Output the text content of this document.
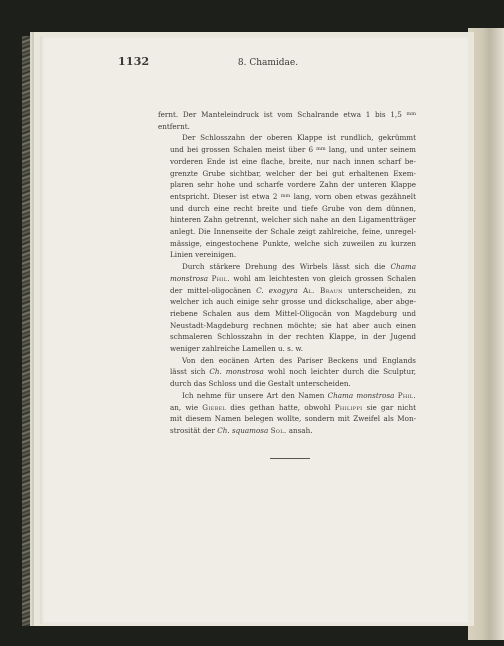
1132	8. Chamidae.

fernt. Der Manteleindruck ist vom Schalrande etwa 1 bis 1,5 $^{mm}$
entfernt.

Der Schlosszahn der oberen Klappe ist rundlich, gekrümmt
und bei grossen Schalen meist über 6 $^{mm}$ lang, und unter seinem
vorderen Ende ist eine flache, breite, nur nach innen scharf be-
grenzte Grube sichtbar, welcher der bei gut erhaltenen Exem-
plaren sehr hohe und scharfe vordere Zahn der unteren Klappe
entspricht. Dieser ist etwa 2 $^{mm}$ lang, vorn oben etwas gezähnelt
und durch eine recht breite und tiefe Grube von dem dünnen,
hinteren Zahn getrennt, welcher sich nahe an den Ligamentträger
anlegt. Die Innenseite der Schale zeigt zahlreiche, feine, unregel-
mässige, eingestochene Punkte, welche sich zuweilen zu kurzen
Linien vereinigen.

Durch stärkere Drehung des Wirbels lässt sich die Chama
monstrosa Phil. wohl am leichtesten von gleich grossen Schalen
der mittel-oligocänen C. exogyra Al. Braun unterscheiden, zu
welcher ich auch einige sehr grosse und dickschalige, aber abge-
riebene Schalen aus dem Mittel-Oligocän von Magdeburg und
Neustadt-Magdeburg rechnen möchte; sie hat aber auch einen
schmaleren Schlosszahn in der rechten Klappe, in der Jugend
weniger zahlreiche Lamellen u. s. w.

Von den eocänen Arten des Pariser Beckens und Englands
lässt sich Ch. monstrosa wohl noch leichter durch die Sculptur,
durch das Schloss und die Gestalt unterscheiden.

Ich nehme für unsere Art den Namen Chama monstrosa Phil.
an, wie Giebel dies gethan hatte, obwohl Philippi sie gar nicht
mit diesem Namen belegen wollte, sondern mit Zweifel als Mon-
strosität der Ch. squamosa Sol. ansah.
